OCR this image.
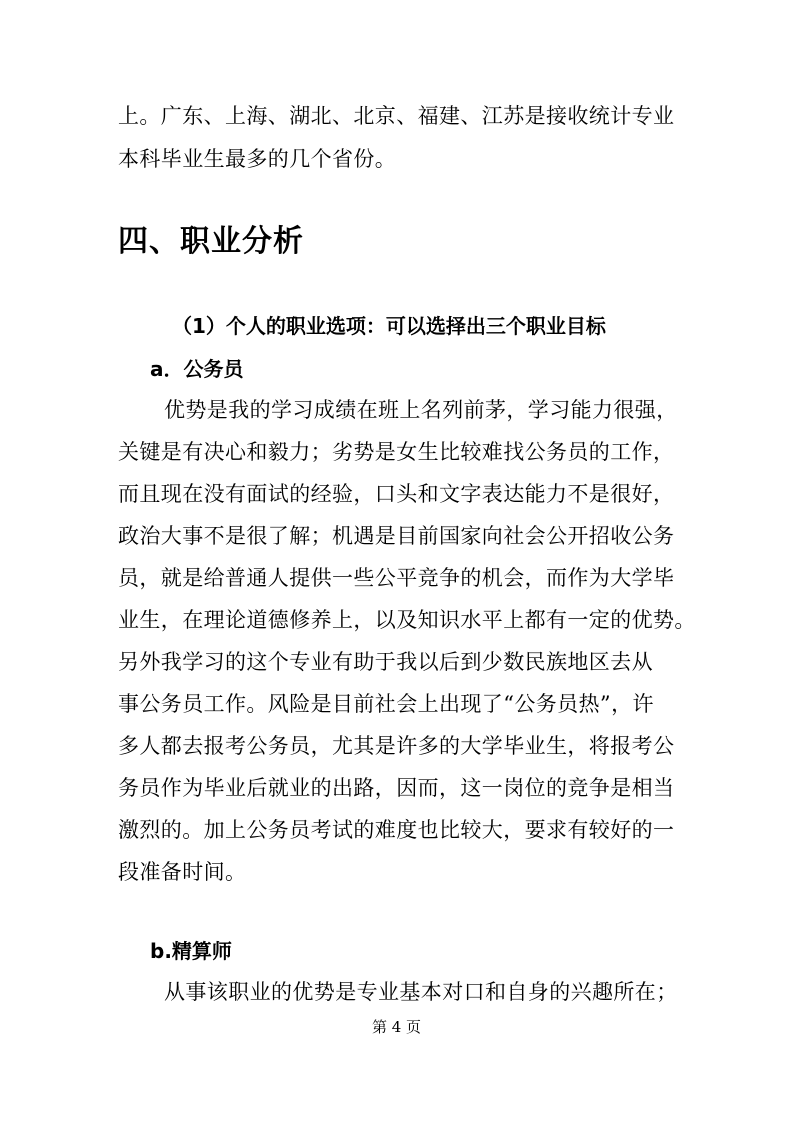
上。广东、上海、湖北、北京、福建、江苏是接收统计专业
本科毕业生最多的几个省份。
四、职业分析
（1）个人的职业选项：可以选择出三个职业目标
a．公务员
优势是我的学习成绩在班上名列前茅，学习能力很强，
关键是有决心和毅力；劣势是女生比较难找公务员的工作，
而且现在没有面试的经验，口头和文字表达能力不是很好，
政治大事不是很了解；机遇是目前国家向社会公开招收公务
员，就是给普通人提供一些公平竞争的机会，而作为大学毕
业生，在理论道德修养上，以及知识水平上都有一定的优势。
另外我学习的这个专业有助于我以后到少数民族地区去从
事公务员工作。风险是目前社会上出现了“公务员热”，许
多人都去报考公务员，尤其是许多的大学毕业生，将报考公
务员作为毕业后就业的出路，因而，这一岗位的竞争是相当
激烈的。加上公务员考试的难度也比较大，要求有较好的一
段准备时间。
b.精算师
从事该职业的优势是专业基本对口和自身的兴趣所在；
第 4 页
